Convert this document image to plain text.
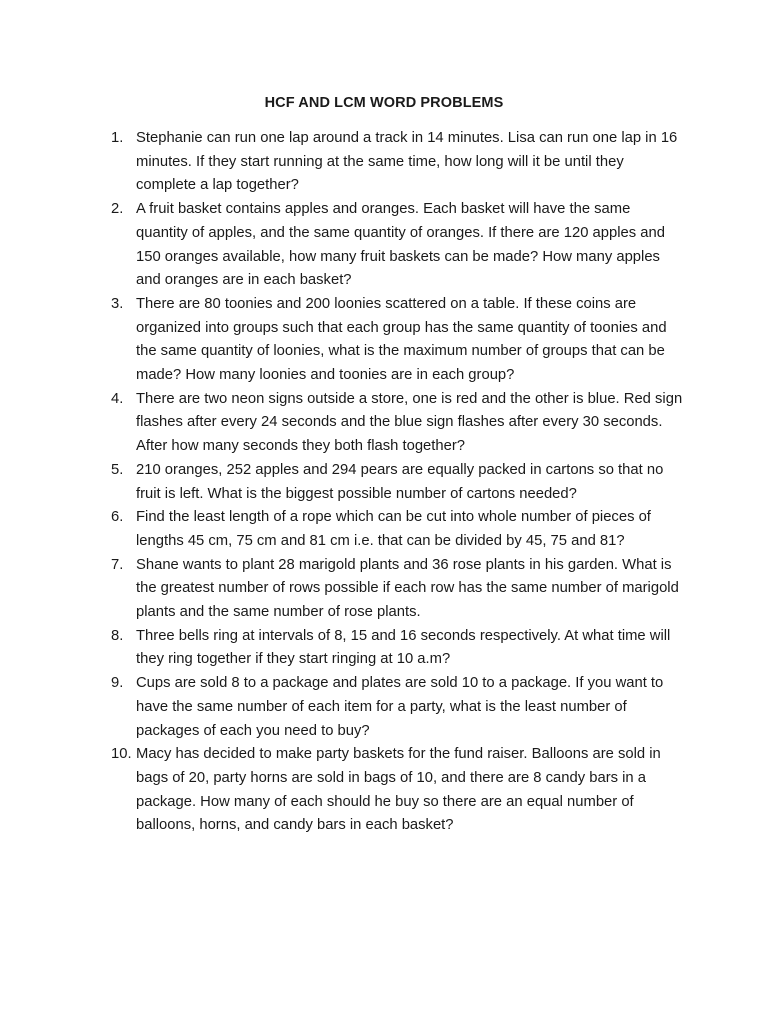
HCF AND LCM WORD PROBLEMS
1. Stephanie can run one lap around a track in 14 minutes. Lisa can run one lap in 16 minutes. If they start running at the same time, how long will it be until they complete a lap together?
2. A fruit basket contains apples and oranges. Each basket will have the same quantity of apples, and the same quantity of oranges. If there are 120 apples and 150 oranges available, how many fruit baskets can be made? How many apples and oranges are in each basket?
3. There are 80 toonies and 200 loonies scattered on a table. If these coins are organized into groups such that each group has the same quantity of toonies and the same quantity of loonies, what is the maximum number of groups that can be made? How many loonies and toonies are in each group?
4. There are two neon signs outside a store, one is red and the other is blue. Red sign flashes after every 24 seconds and the blue sign flashes after every 30 seconds. After how many seconds they both flash together?
5. 210 oranges, 252 apples and 294 pears are equally packed in cartons so that no fruit is left. What is the biggest possible number of cartons needed?
6. Find the least length of a rope which can be cut into whole number of pieces of lengths 45 cm, 75 cm and 81 cm i.e. that can be divided by 45, 75 and 81?
7. Shane wants to plant 28 marigold plants and 36 rose plants in his garden. What is the greatest number of rows possible if each row has the same number of marigold plants and the same number of rose plants.
8. Three bells ring at intervals of 8, 15 and 16 seconds respectively. At what time will they ring together if they start ringing at 10 a.m?
9. Cups are sold 8 to a package and plates are sold 10 to a package. If you want to have the same number of each item for a party, what is the least number of packages of each you need to buy?
10. Macy has decided to make party baskets for the fund raiser. Balloons are sold in bags of 20, party horns are sold in bags of 10, and there are 8 candy bars in a package. How many of each should he buy so there are an equal number of balloons, horns, and candy bars in each basket?
